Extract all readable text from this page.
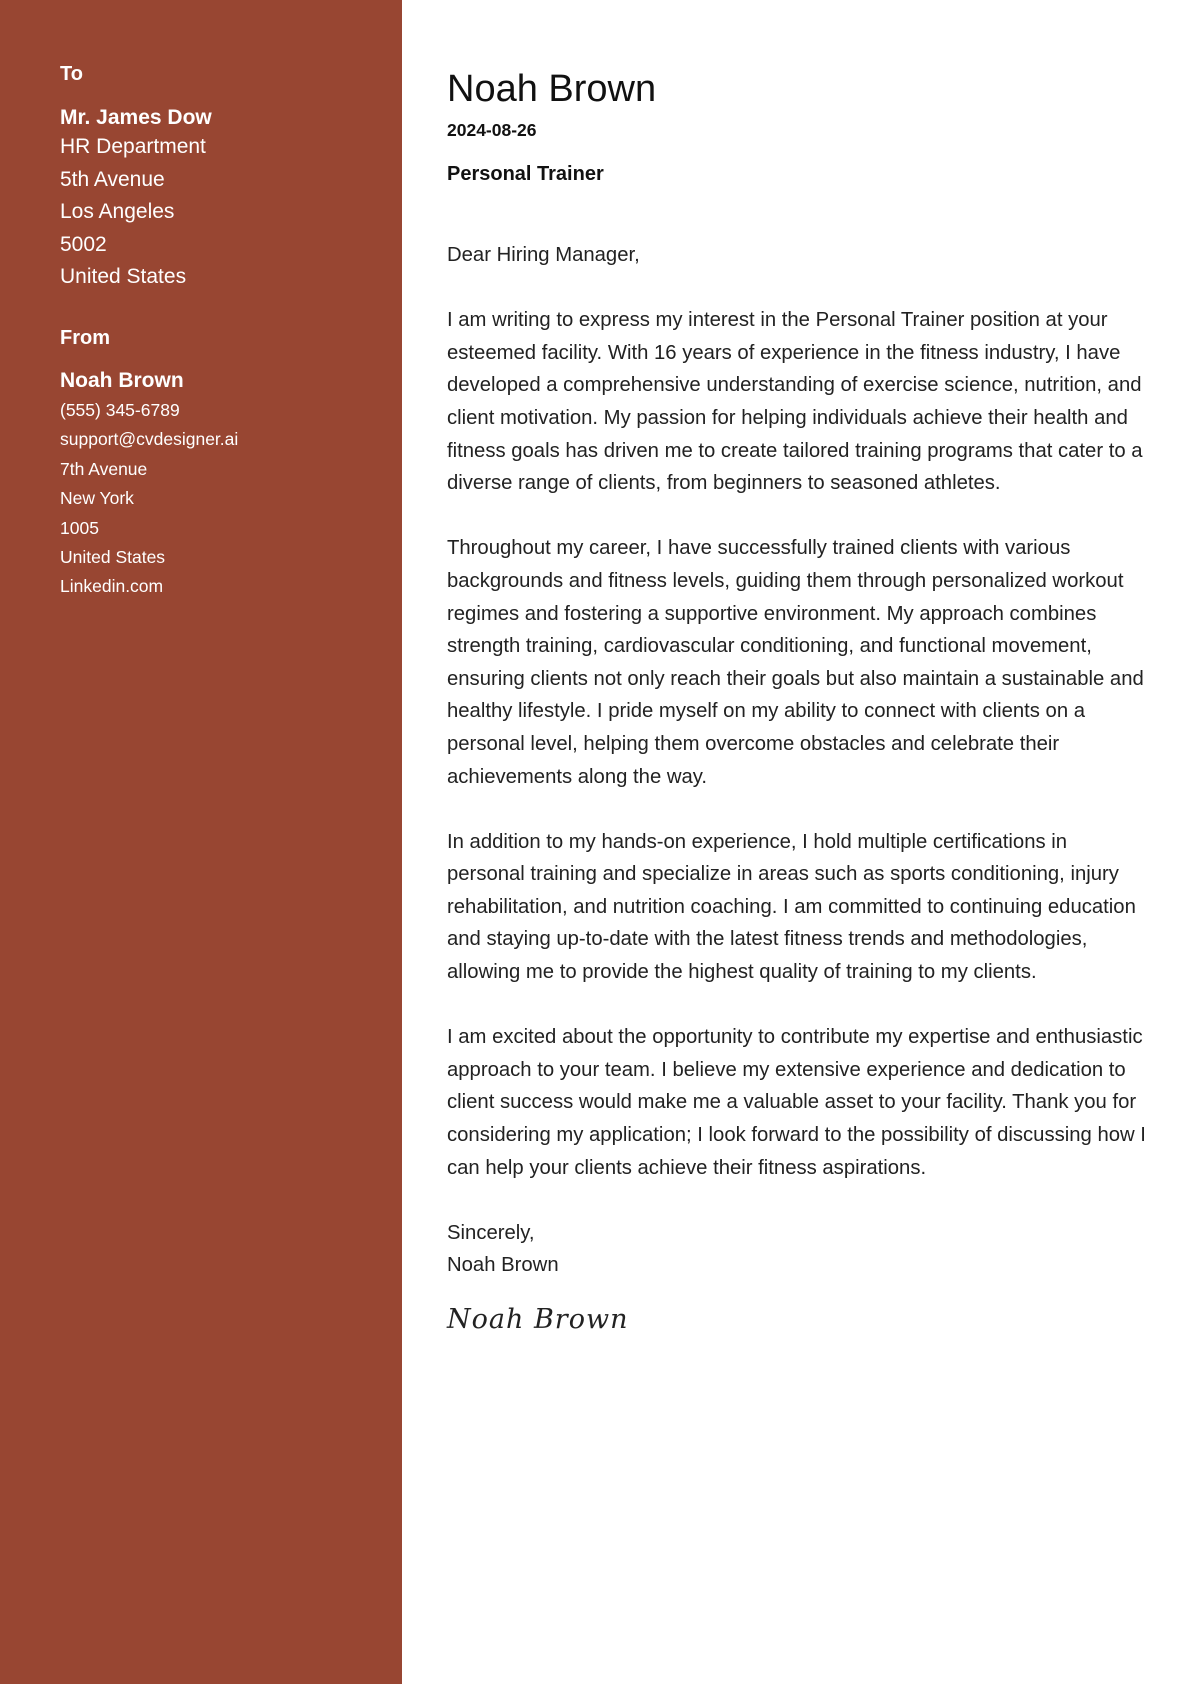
To
Mr. James Dow
HR Department
5th Avenue
Los Angeles
5002
United States
From
Noah Brown
(555) 345-6789
support@cvdesigner.ai
7th Avenue
New York
1005
United States
Linkedin.com
Noah Brown
2024-08-26
Personal Trainer

Dear Hiring Manager,

I am writing to express my interest in the Personal Trainer position at your esteemed facility. With 16 years of experience in the fitness industry, I have developed a comprehensive understanding of exercise science, nutrition, and client motivation. My passion for helping individuals achieve their health and fitness goals has driven me to create tailored training programs that cater to a diverse range of clients, from beginners to seasoned athletes.

Throughout my career, I have successfully trained clients with various backgrounds and fitness levels, guiding them through personalized workout regimes and fostering a supportive environment. My approach combines strength training, cardiovascular conditioning, and functional movement, ensuring clients not only reach their goals but also maintain a sustainable and healthy lifestyle. I pride myself on my ability to connect with clients on a personal level, helping them overcome obstacles and celebrate their achievements along the way.

In addition to my hands-on experience, I hold multiple certifications in personal training and specialize in areas such as sports conditioning, injury rehabilitation, and nutrition coaching. I am committed to continuing education and staying up-to-date with the latest fitness trends and methodologies, allowing me to provide the highest quality of training to my clients.

I am excited about the opportunity to contribute my expertise and enthusiastic approach to your team. I believe my extensive experience and dedication to client success would make me a valuable asset to your facility. Thank you for considering my application; I look forward to the possibility of discussing how I can help your clients achieve their fitness aspirations.

Sincerely,
Noah Brown
Noah Brown
